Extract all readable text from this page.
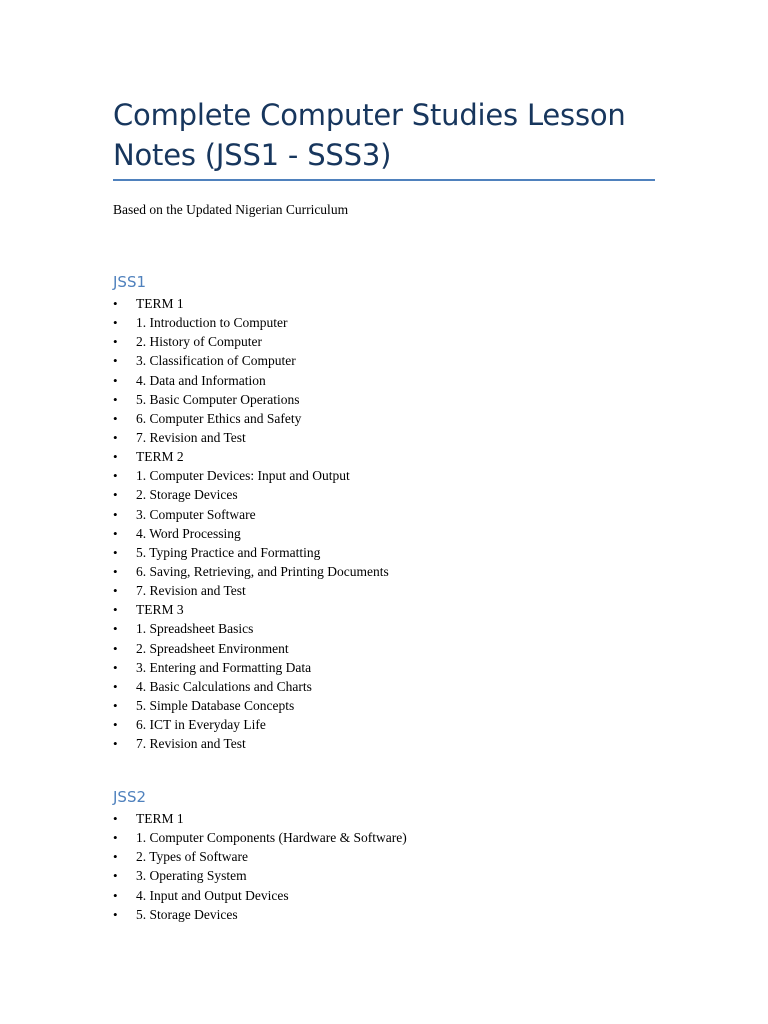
Complete Computer Studies Lesson Notes (JSS1 - SSS3)

Based on the Updated Nigerian Curriculum

JSS1
•	TERM 1
•	1. Introduction to Computer
•	2. History of Computer
•	3. Classification of Computer
•	4. Data and Information
•	5. Basic Computer Operations
•	6. Computer Ethics and Safety
•	7. Revision and Test
•	TERM 2
•	1. Computer Devices: Input and Output
•	2. Storage Devices
•	3. Computer Software
•	4. Word Processing
•	5. Typing Practice and Formatting
•	6. Saving, Retrieving, and Printing Documents
•	7. Revision and Test
•	TERM 3
•	1. Spreadsheet Basics
•	2. Spreadsheet Environment
•	3. Entering and Formatting Data
•	4. Basic Calculations and Charts
•	5. Simple Database Concepts
•	6. ICT in Everyday Life
•	7. Revision and Test
JSS2
•	TERM 1
•	1. Computer Components (Hardware & Software)
•	2. Types of Software
•	3. Operating System
•	4. Input and Output Devices
•	5. Storage Devices
